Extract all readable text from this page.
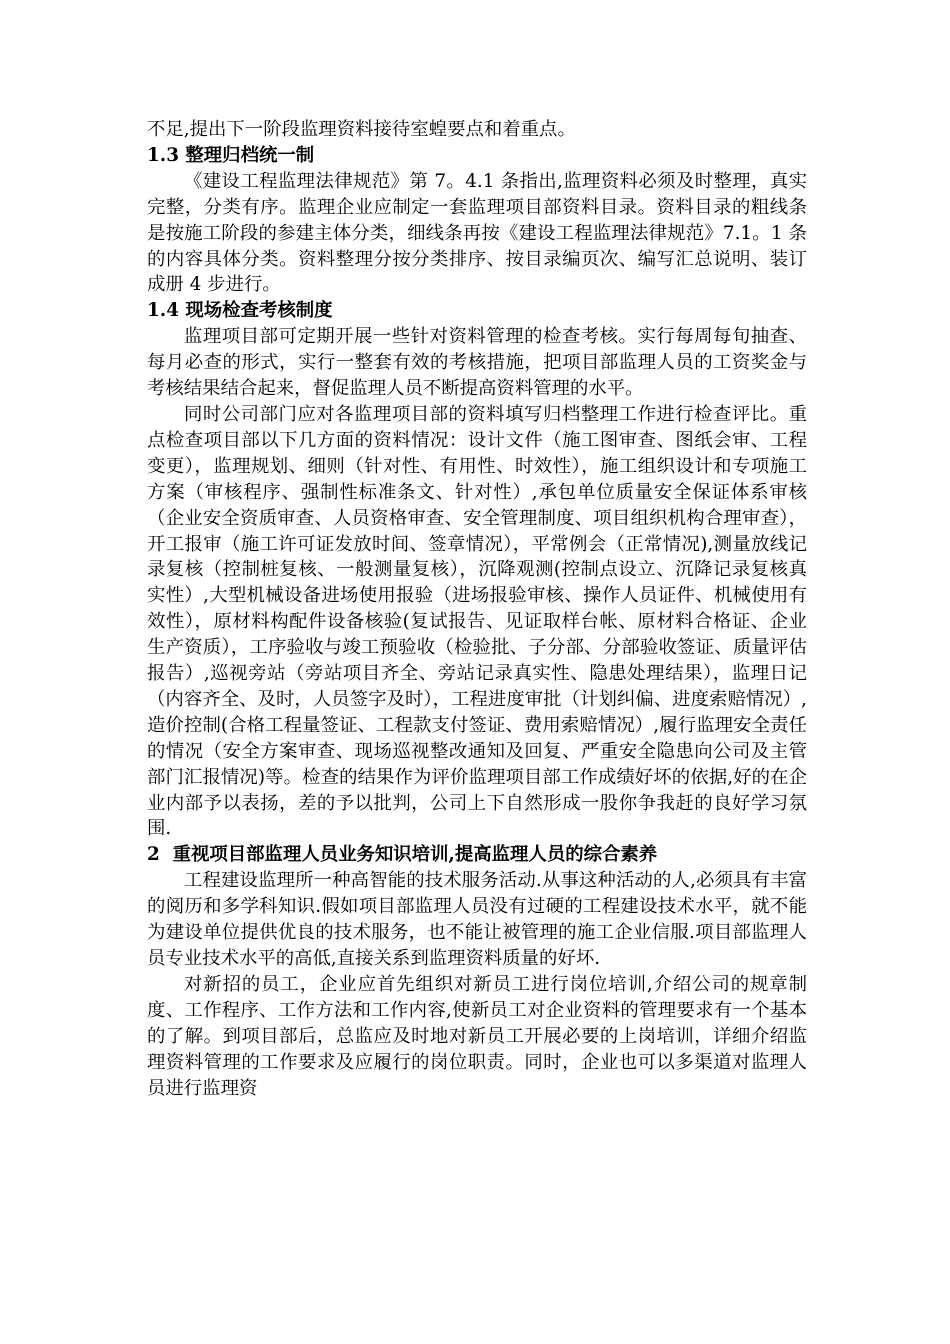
不足,提出下一阶段监理资料接待室蝗要点和着重点。

1.3 整理归档统一制

《建设工程监理法律规范》第 7。4.1 条指出,监理资料必须及时整理，真实完整，分类有序。监理企业应制定一套监理项目部资料目录。资料目录的粗线条是按施工阶段的参建主体分类，细线条再按《建设工程监理法律规范》7.1。1 条的内容具体分类。资料整理分按分类排序、按目录编页次、编写汇总说明、装订成册 4 步进行。

1.4 现场检查考核制度

监理项目部可定期开展一些针对资料管理的检查考核。实行每周每旬抽查、每月必查的形式，实行一整套有效的考核措施，把项目部监理人员的工资奖金与考核结果结合起来，督促监理人员不断提高资料管理的水平。

同时公司部门应对各监理项目部的资料填写归档整理工作进行检查评比。重点检查项目部以下几方面的资料情况：设计文件（施工图审查、图纸会审、工程变更），监理规划、细则（针对性、有用性、时效性），施工组织设计和专项施工方案（审核程序、强制性标准条文、针对性）,承包单位质量安全保证体系审核（企业安全资质审查、人员资格审查、安全管理制度、项目组织机构合理审查），开工报审（施工许可证发放时间、签章情况），平常例会（正常情况),测量放线记录复核（控制桩复核、一般测量复核），沉降观测(控制点设立、沉降记录复核真实性）,大型机械设备进场使用报验（进场报验审核、操作人员证件、机械使用有效性），原材料构配件设备核验(复试报告、见证取样台帐、原材料合格证、企业生产资质），工序验收与竣工预验收（检验批、子分部、分部验收签证、质量评估报告）,巡视旁站（旁站项目齐全、旁站记录真实性、隐患处理结果），监理日记（内容齐全、及时，人员签字及时），工程进度审批（计划纠偏、进度索赔情况）,造价控制(合格工程量签证、工程款支付签证、费用索赔情况）,履行监理安全责任的情况（安全方案审查、现场巡视整改通知及回复、严重安全隐患向公司及主管部门汇报情况)等。检查的结果作为评价监理项目部工作成绩好坏的依据,好的在企业内部予以表扬，差的予以批判，公司上下自然形成一股你争我赶的良好学习氛围.

2  重视项目部监理人员业务知识培训,提高监理人员的综合素养

工程建设监理所一种高智能的技术服务活动.从事这种活动的人,必须具有丰富的阅历和多学科知识.假如项目部监理人员没有过硬的工程建设技术水平，就不能为建设单位提供优良的技术服务，也不能让被管理的施工企业信服.项目部监理人员专业技术水平的高低,直接关系到监理资料质量的好坏.

对新招的员工，企业应首先组织对新员工进行岗位培训,介绍公司的规章制度、工作程序、工作方法和工作内容,使新员工对企业资料的管理要求有一个基本的了解。到项目部后，总监应及时地对新员工开展必要的上岗培训，详细介绍监理资料管理的工作要求及应履行的岗位职责。同时，企业也可以多渠道对监理人员进行监理资
